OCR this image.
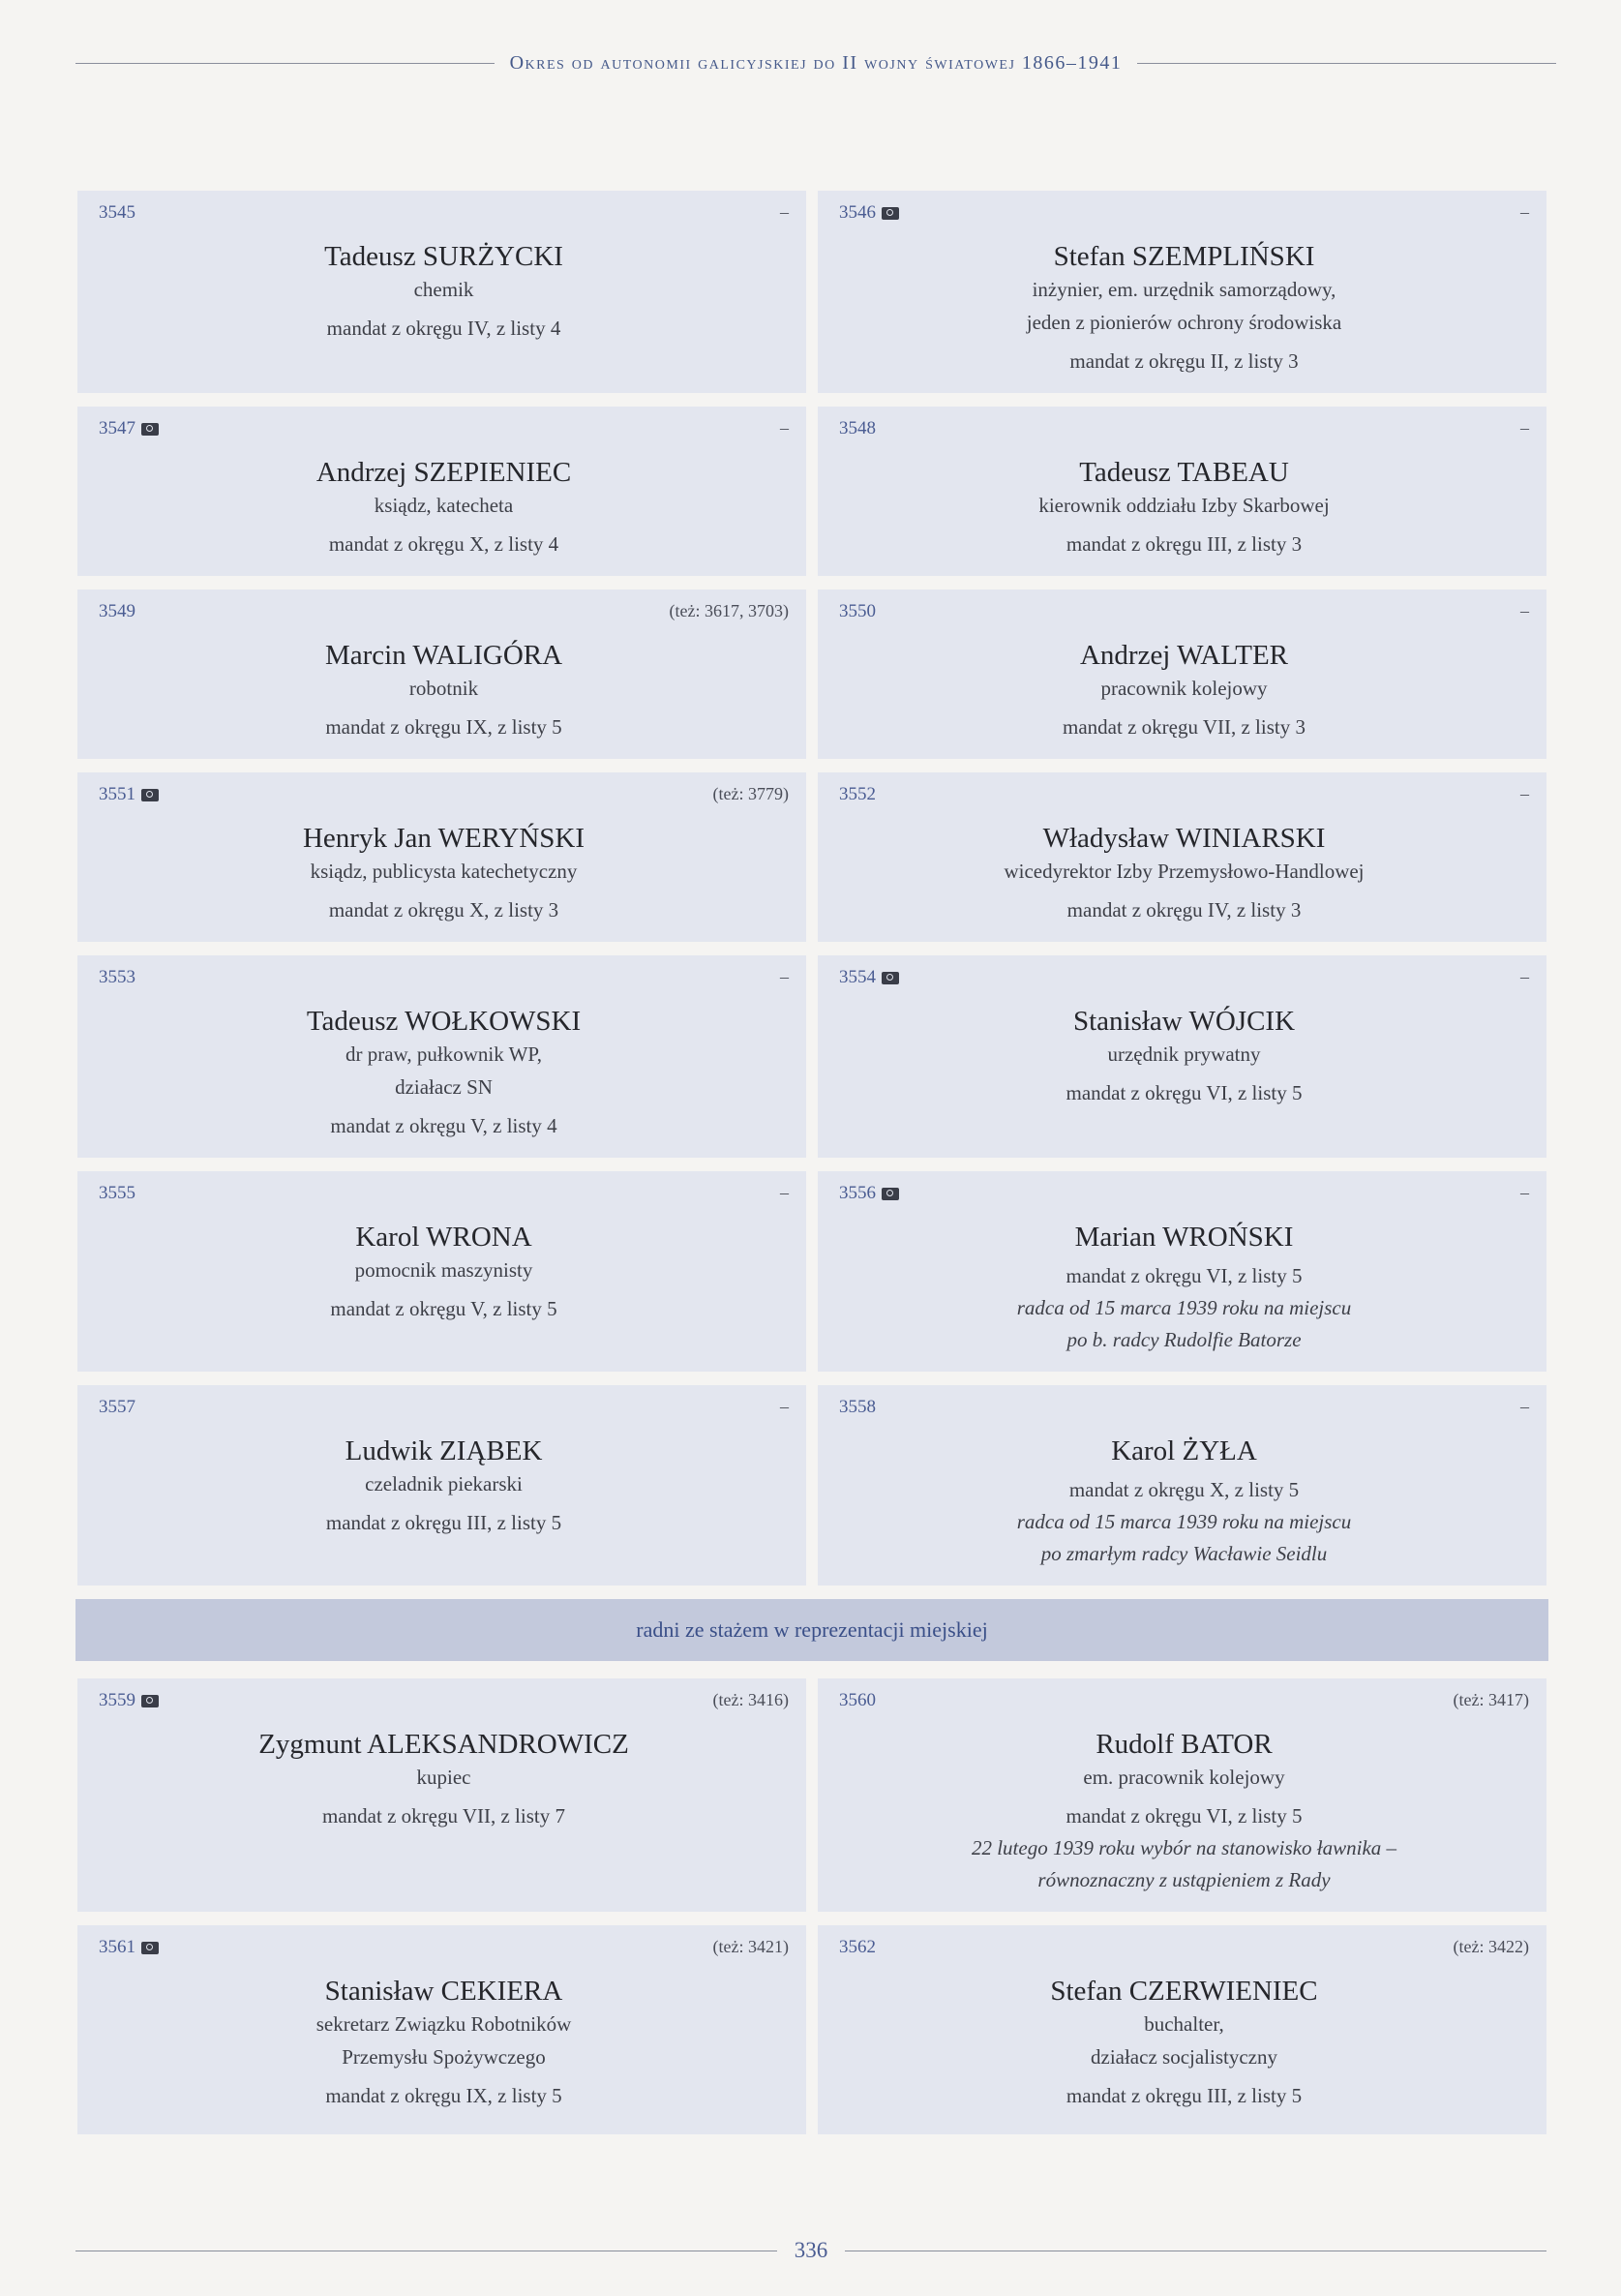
Okres od autonomii galicyjskiej do II wojny światowej 1866–1941
3545	–
Tadeusz SURŻYCKI
chemik
mandat z okręgu IV, z listy 4
3546	–
Stefan SZEMPLIŃSKI
inżynier, em. urzędnik samorządowy,
jeden z pionierów ochrony środowiska
mandat z okręgu II, z listy 3
3547	–
Andrzej SZEPIENIEC
ksiądz, katecheta
mandat z okręgu X, z listy 4
3548	–
Tadeusz TABEAU
kierownik oddziału Izby Skarbowej
mandat z okręgu III, z listy 3
3549	(też: 3617, 3703)
Marcin WALIGÓRA
robotnik
mandat z okręgu IX, z listy 5
3550	–
Andrzej WALTER
pracownik kolejowy
mandat z okręgu VII, z listy 3
3551	(też: 3779)
Henryk Jan WERYŃSKI
ksiądz, publicysta katechetyczny
mandat z okręgu X, z listy 3
3552	–
Władysław WINIARSKI
wicedyrektor Izby Przemysłowo-Handlowej
mandat z okręgu IV, z listy 3
3553	–
Tadeusz WOŁKOWSKI
dr praw, pułkownik WP,
działacz SN
mandat z okręgu V, z listy 4
3554	–
Stanisław WÓJCIK
urzędnik prywatny
mandat z okręgu VI, z listy 5
3555	–
Karol WRONA
pomocnik maszynisty
mandat z okręgu V, z listy 5
3556	–
Marian WROŃSKI
mandat z okręgu VI, z listy 5
radca od 15 marca 1939 roku na miejscu
po b. radcy Rudolfie Batorze
3557	–
Ludwik ZIĄBEK
czeladnik piekarski
mandat z okręgu III, z listy 5
3558	–
Karol ŻYŁA
mandat z okręgu X, z listy 5
radca od 15 marca 1939 roku na miejscu
po zmarłym radcy Wacławie Seidlu
radni ze stażem w reprezentacji miejskiej
3559	(też: 3416)
Zygmunt ALEKSANDROWICZ
kupiec
mandat z okręgu VII, z listy 7
3560	(też: 3417)
Rudolf BATOR
em. pracownik kolejowy
mandat z okręgu VI, z listy 5
22 lutego 1939 roku wybór na stanowisko ławnika –
równoznaczny z ustąpieniem z Rady
3561	(też: 3421)
Stanisław CEKIERA
sekretarz Związku Robotników
Przemysłu Spożywczego
mandat z okręgu IX, z listy 5
3562	(też: 3422)
Stefan CZERWIENIEC
buchalter,
działacz socjalistyczny
mandat z okręgu III, z listy 5
336
